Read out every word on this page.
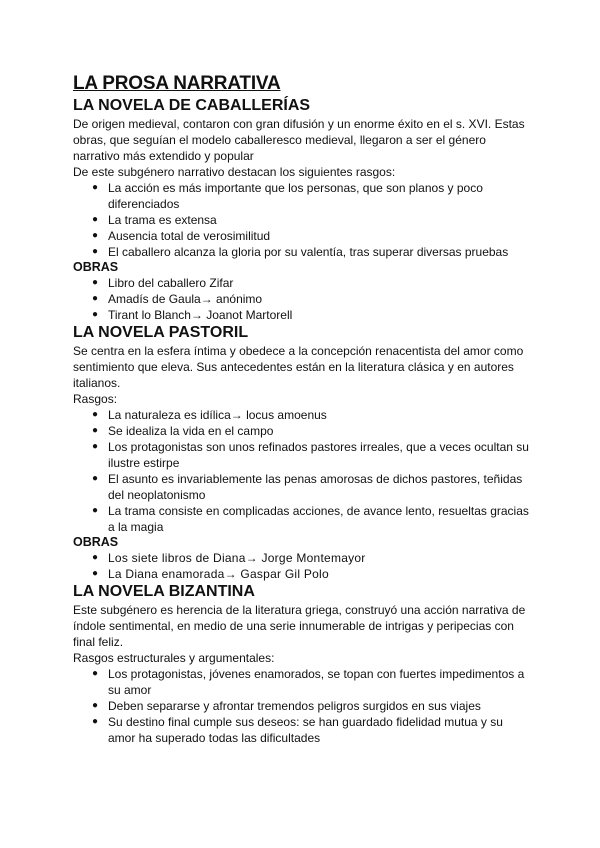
LA PROSA NARRATIVA
LA NOVELA DE CABALLERÍAS

De origen medieval, contaron con gran difusión y un enorme éxito en el s. XVI. Estas obras, que seguían el modelo caballeresco medieval, llegaron a ser el género narrativo más extendido y popular

De este subgénero narrativo destacan los siguientes rasgos:

● La acción es más importante que los personas, que son planos y poco diferenciados
● La trama es extensa
● Ausencia total de verosimilitud
● El caballero alcanza la gloria por su valentía, tras superar diversas pruebas
OBRAS
● Libro del caballero Zifar
● Amadís de Gaula→ anónimo
● Tirant lo Blanch→ Joanot Martorell
LA NOVELA PASTORIL

Se centra en la esfera íntima y obedece a la concepción renacentista del amor como sentimiento que eleva. Sus antecedentes están en la literatura clásica y en autores italianos.

Rasgos:

● La naturaleza es idílica→ locus amoenus
● Se idealiza la vida en el campo
● Los protagonistas son unos refinados pastores irreales, que a veces ocultan su ilustre estirpe
● El asunto es invariablemente las penas amorosas de dichos pastores, teñidas del neoplatonismo
● La trama consiste en complicadas acciones, de avance lento, resueltas gracias a la magia
OBRAS
● Los siete libros de Diana→ Jorge Montemayor
● La Diana enamorada→ Gaspar Gil Polo
LA NOVELA BIZANTINA

Este subgénero es herencia de la literatura griega, construyó una acción narrativa de índole sentimental, en medio de una serie innumerable de intrigas y peripecias con final feliz.

Rasgos estructurales y argumentales:

● Los protagonistas, jóvenes enamorados, se topan con fuertes impedimentos a su amor
● Deben separarse y afrontar tremendos peligros surgidos en sus viajes
● Su destino final cumple sus deseos: se han guardado fidelidad mutua y su amor ha superado todas las dificultades
